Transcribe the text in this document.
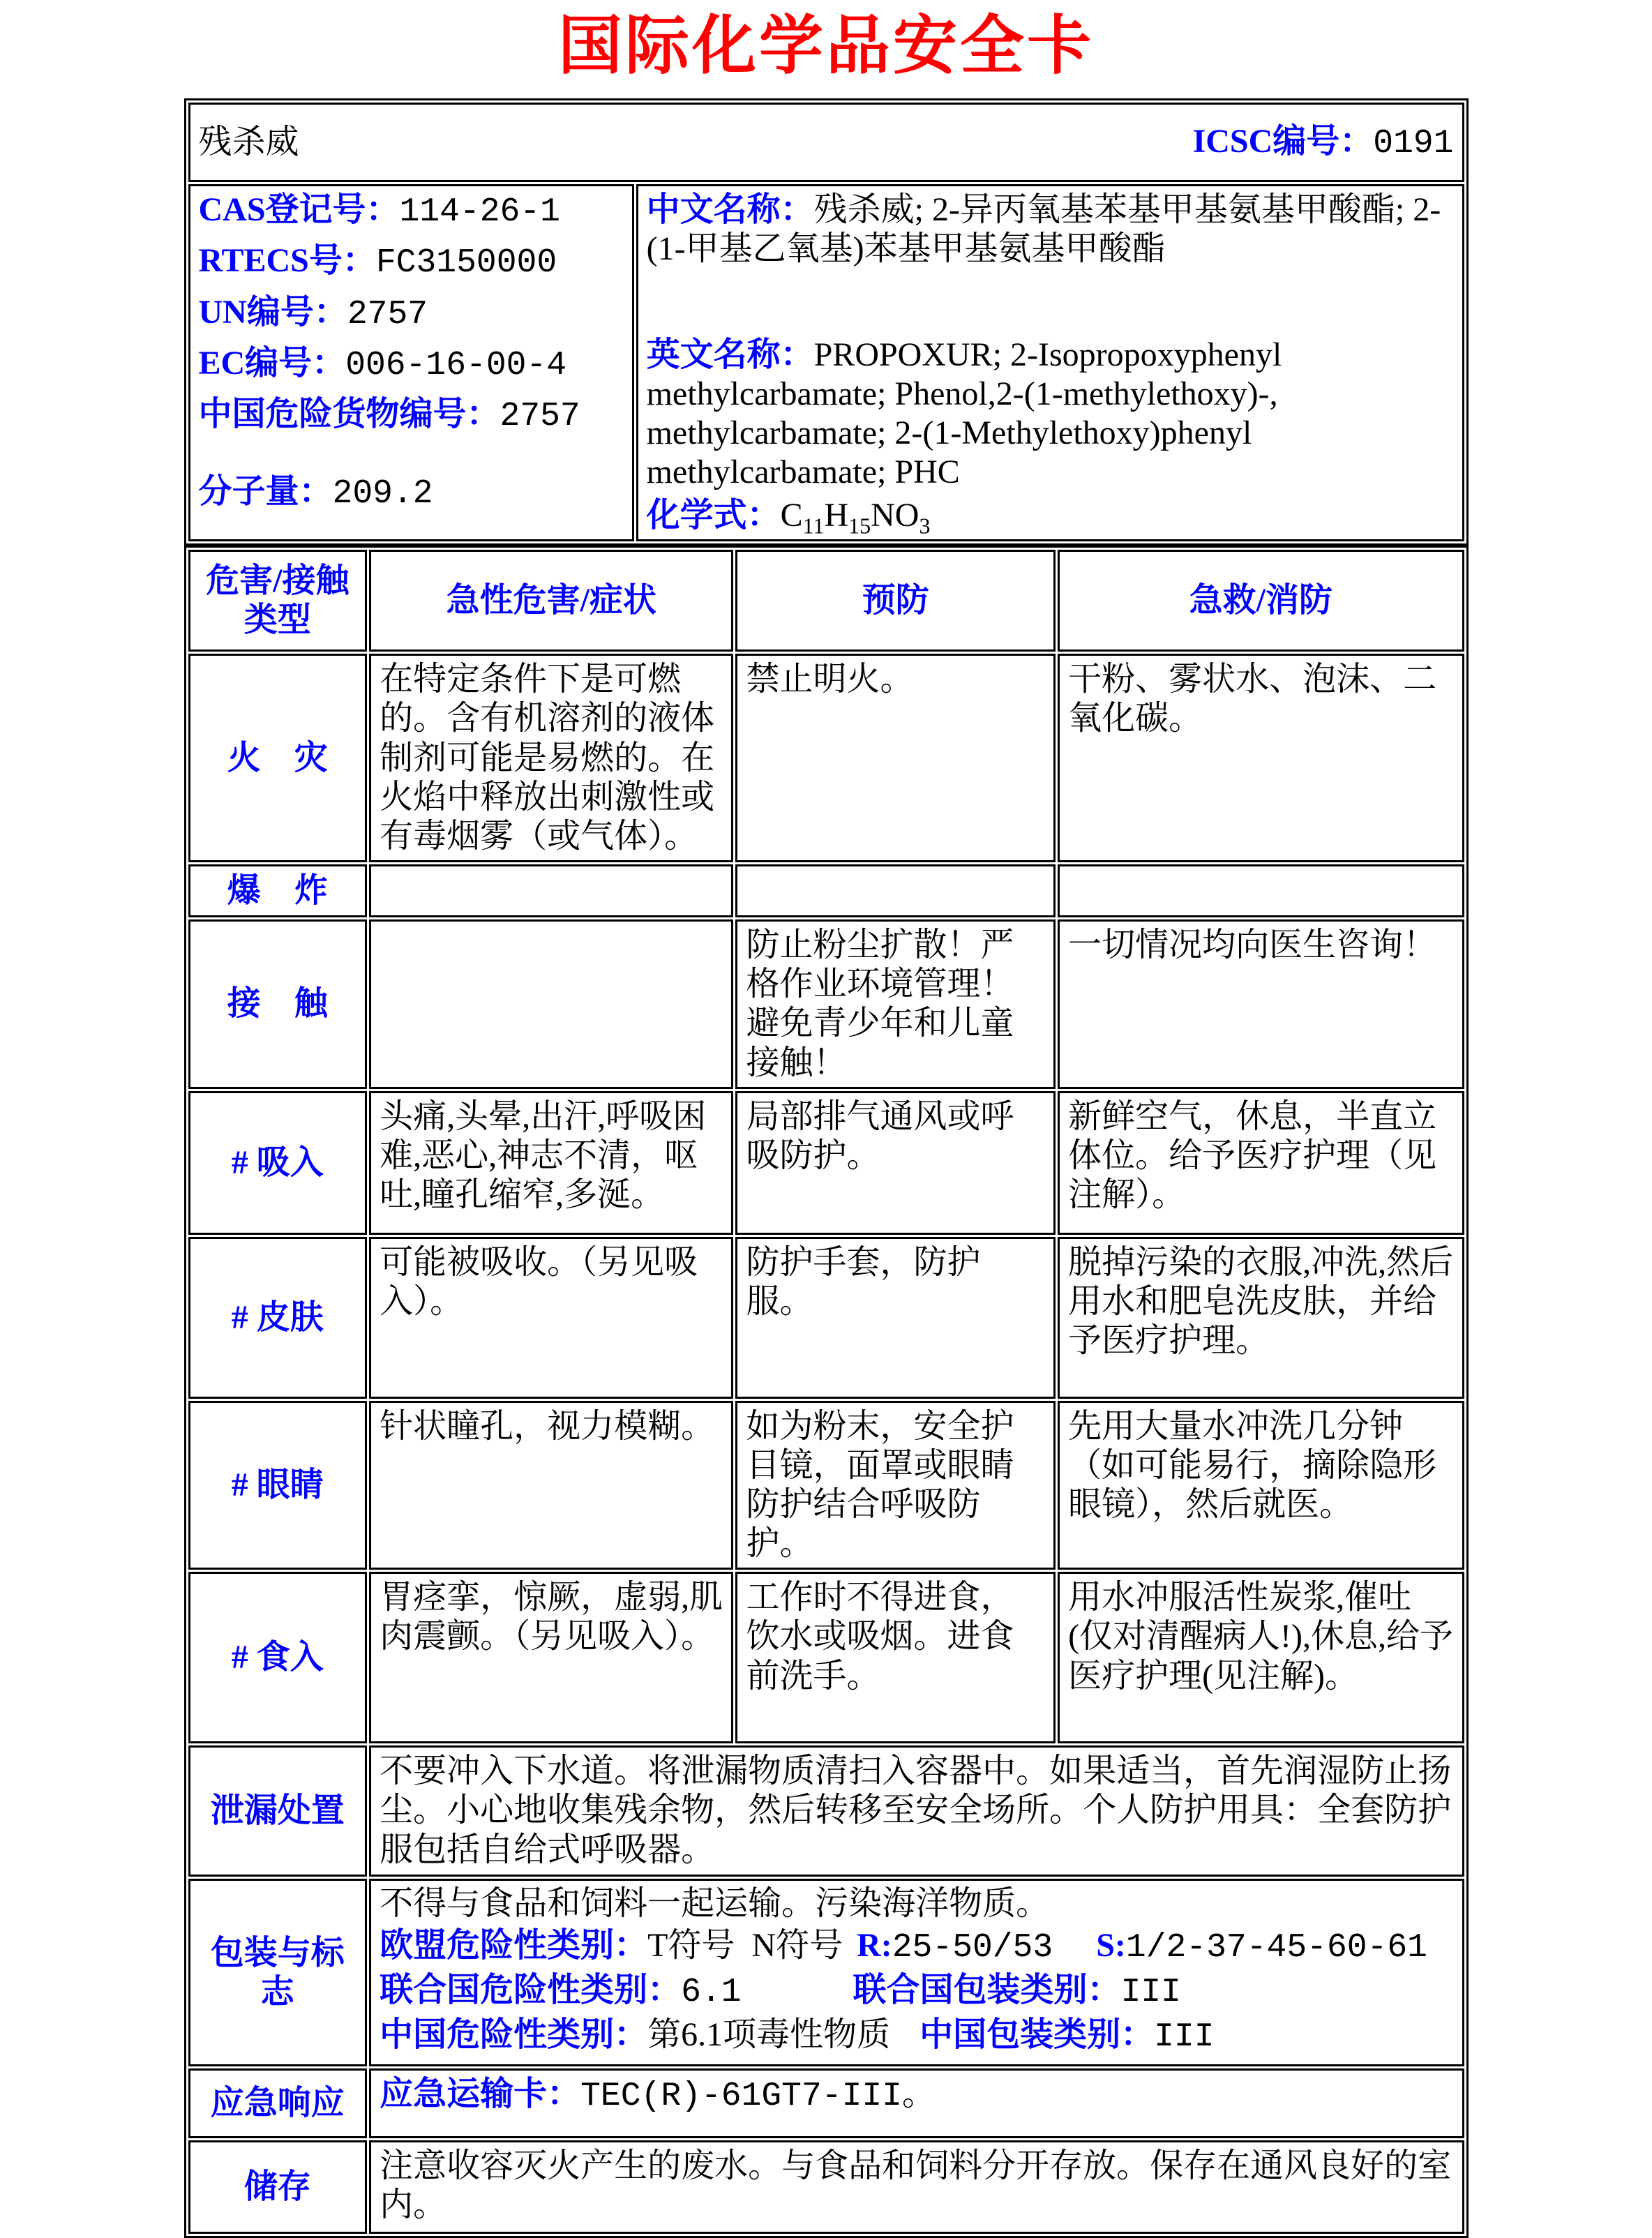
国际化学品安全卡
残杀威	ICSC编号：0191

CAS登记号：114-26-1
RTECS号：FC3150000
UN编号：2757
EC编号：006-16-00-4
中国危险货物编号：2757
分子量：209.2

中文名称：残杀威; 2-异丙氧基苯基甲基氨基甲酸酯; 2-(1-甲基乙氧基)苯基甲基氨基甲酸酯
英文名称：PROPOXUR; 2-Isopropoxyphenyl methylcarbamate; Phenol,2-(1-methylethoxy)-, methylcarbamate; 2-(1-Methylethoxy)phenyl methylcarbamate; PHC
化学式：$C_{11}H_{15}NO_3$
危害/接触
类型	急性危害/症状	预防	急救/消防
火　灾	在特定条件下是可燃的。含有机溶剂的液体制剂可能是易燃的。在火焰中释放出刺激性或有毒烟雾（或气体）。	禁止明火。	干粉、雾状水、泡沫、二氧化碳。
爆　炸			
接　触		防止粉尘扩散！严格作业环境管理！避免青少年和儿童接触！	一切情况均向医生咨询！
# 吸入	头痛,头晕,出汗,呼吸困难,恶心,神志不清，呕吐,瞳孔缩窄,多涎。	局部排气通风或呼吸防护。	新鲜空气，休息，半直立体位。给予医疗护理（见注解）。
# 皮肤	可能被吸收。（另见吸入）。	防护手套，防护服。	脱掉污染的衣服,冲洗,然后用水和肥皂洗皮肤，并给予医疗护理。
# 眼睛	针状瞳孔，视力模糊。	如为粉末，安全护目镜，面罩或眼睛防护结合呼吸防护。	先用大量水冲洗几分钟（如可能易行，摘除隐形眼镜），然后就医。
# 食入	胃痉挛，惊厥，虚弱,肌肉震颤。（另见吸入）。	工作时不得进食，饮水或吸烟。进食前洗手。	用水冲服活性炭浆,催吐(仅对清醒病人!),休息,给予医疗护理(见注解)。
泄漏处置	不要冲入下水道。将泄漏物质清扫入容器中。如果适当，首先润湿防止扬尘。小心地收集残余物，然后转移至安全场所。个人防护用具：全套防护服包括自给式呼吸器。		
包装与标志	不得与食品和饲料一起运输。污染海洋物质。
欧盟危险性类别：T符号  N符号 R:25-50/53 S:1/2-37-45-60-61
联合国危险性类别：6.1 联合国包装类别：III
中国危险性类别：第6.1项毒性物质 中国包装类别：III		

应急响应	应急运输卡：TEC(R)-61GT7-III。		
储存	注意收容灭火产生的废水。与食品和饲料分开存放。保存在通风良好的室内。		
